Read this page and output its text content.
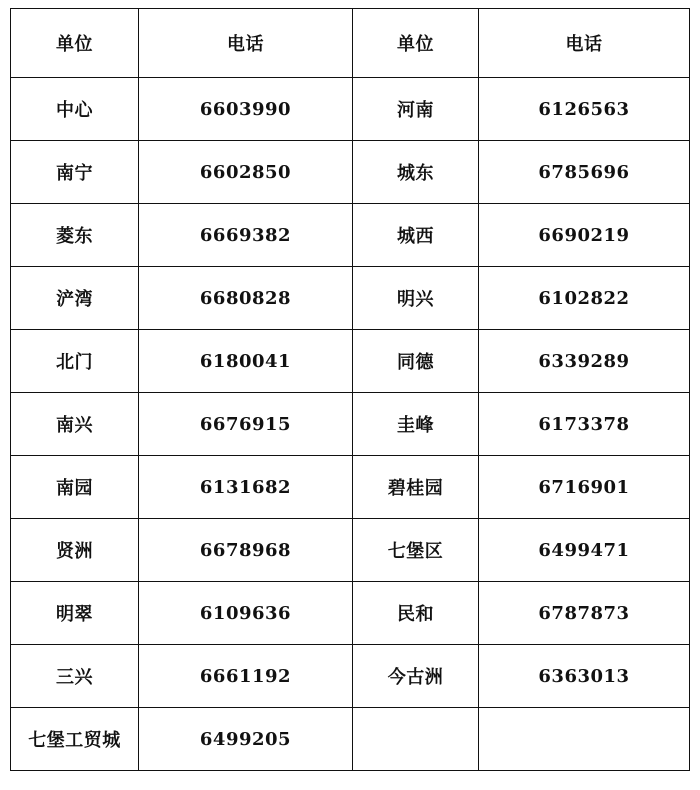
单位	电话	单位	电话
中心	6603990	河南	6126563
南宁	6602850	城东	6785696
菱东	6669382	城西	6690219
浐湾	6680828	明兴	6102822
北门	6180041	同德	6339289
南兴	6676915	圭峰	6173378
南园	6131682	碧桂园	6716901
贤洲	6678968	七堡区	6499471
明翠	6109636	民和	6787873
三兴	6661192	今古洲	6363013
七堡工贸城	6499205		
